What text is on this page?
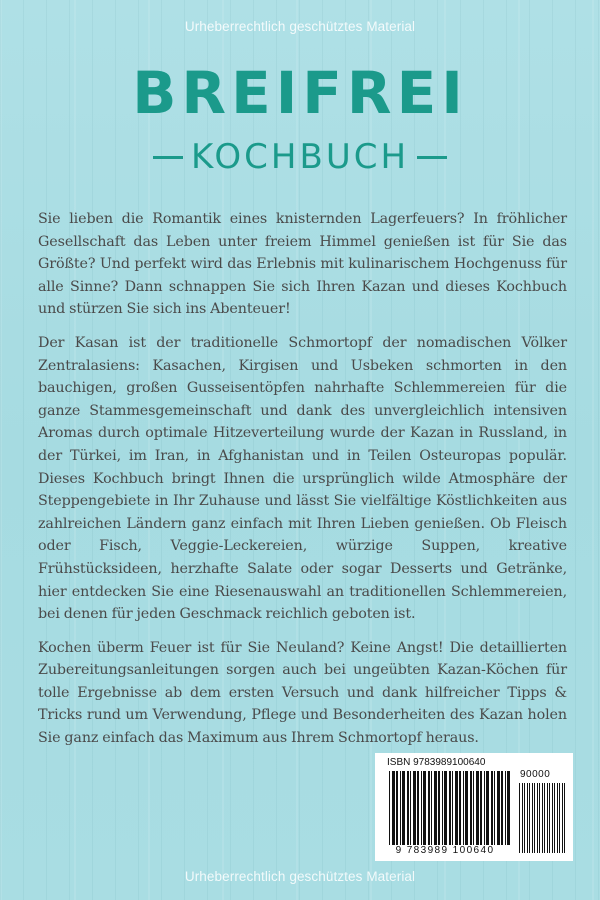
Urheberrechtlich geschütztes Material
BREIFREI
KOCHBUCH

Sie lieben die Romantik eines knisternden Lagerfeuers? In fröhlicher Gesellschaft das Leben unter freiem Himmel genießen ist für Sie das Größte? Und perfekt wird das Erlebnis mit kulinarischem Hochgenuss für alle Sinne? Dann schnappen Sie sich Ihren Kazan und dieses Kochbuch und stürzen Sie sich ins Abenteuer!

Der Kasan ist der traditionelle Schmortopf der nomadischen Völker Zentralasiens: Kasachen, Kirgisen und Usbeken schmorten in den bauchigen, großen Gusseisentöpfen nahrhafte Schlemmereien für die ganze Stammesgemeinschaft und dank des unvergleichlich intensiven Aromas durch optimale Hitzeverteilung wurde der Kazan in Russland, in der Türkei, im Iran, in Afghanistan und in Teilen Osteuropas populär. Dieses Kochbuch bringt Ihnen die ursprünglich wilde Atmosphäre der Steppengebiete in Ihr Zuhause und lässt Sie vielfältige Köstlichkeiten aus zahlreichen Ländern ganz einfach mit Ihren Lieben genießen. Ob Fleisch oder Fisch, Veggie-Leckereien, würzige Suppen, kreative Frühstücksideen, herzhafte Salate oder sogar Desserts und Getränke, hier entdecken Sie eine Riesenauswahl an traditionellen Schlemmereien, bei denen für jeden Geschmack reichlich geboten ist.

Kochen überm Feuer ist für Sie Neuland? Keine Angst! Die detaillierten Zubereitungsanleitungen sorgen auch bei ungeübten Kazan-Köchen für tolle Ergebnisse ab dem ersten Versuch und dank hilfreicher Tipps & Tricks rund um Verwendung, Pflege und Besonderheiten des Kazan holen Sie ganz einfach das Maximum aus Ihrem Schmortopf heraus.

ISBN 9783989100640
90000
9 783989 100640
Urheberrechtlich geschütztes Material
